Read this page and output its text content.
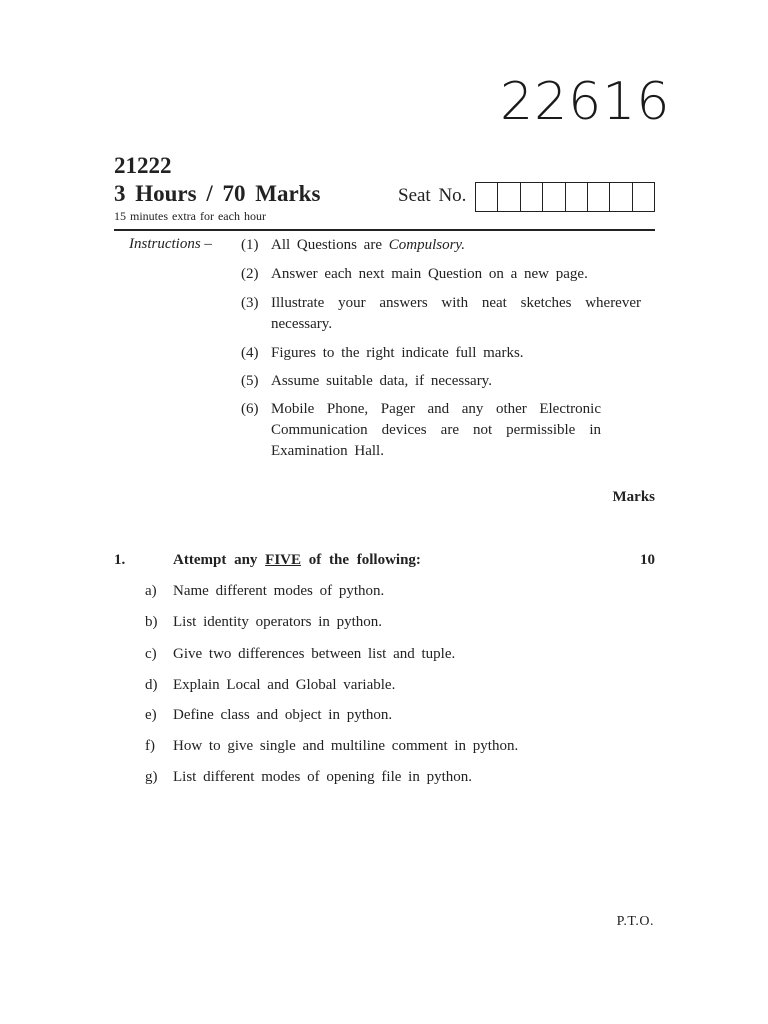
22616
21222
3 Hours / 70 Marks
15 minutes extra for each hour
Seat No.
Instructions – (1) All Questions are Compulsory.
(2) Answer each next main Question on a new page.
(3) Illustrate your answers with neat sketches wherever necessary.
(4) Figures to the right indicate full marks.
(5) Assume suitable data, if necessary.
(6) Mobile Phone, Pager and any other Electronic Communication devices are not permissible in Examination Hall.
Marks
1.	Attempt any FIVE of the following:	10
a) Name different modes of python.
b) List identity operators in python.
c) Give two differences between list and tuple.
d) Explain Local and Global variable.
e) Define class and object in python.
f) How to give single and multiline comment in python.
g) List different modes of opening file in python.
P.T.O.
